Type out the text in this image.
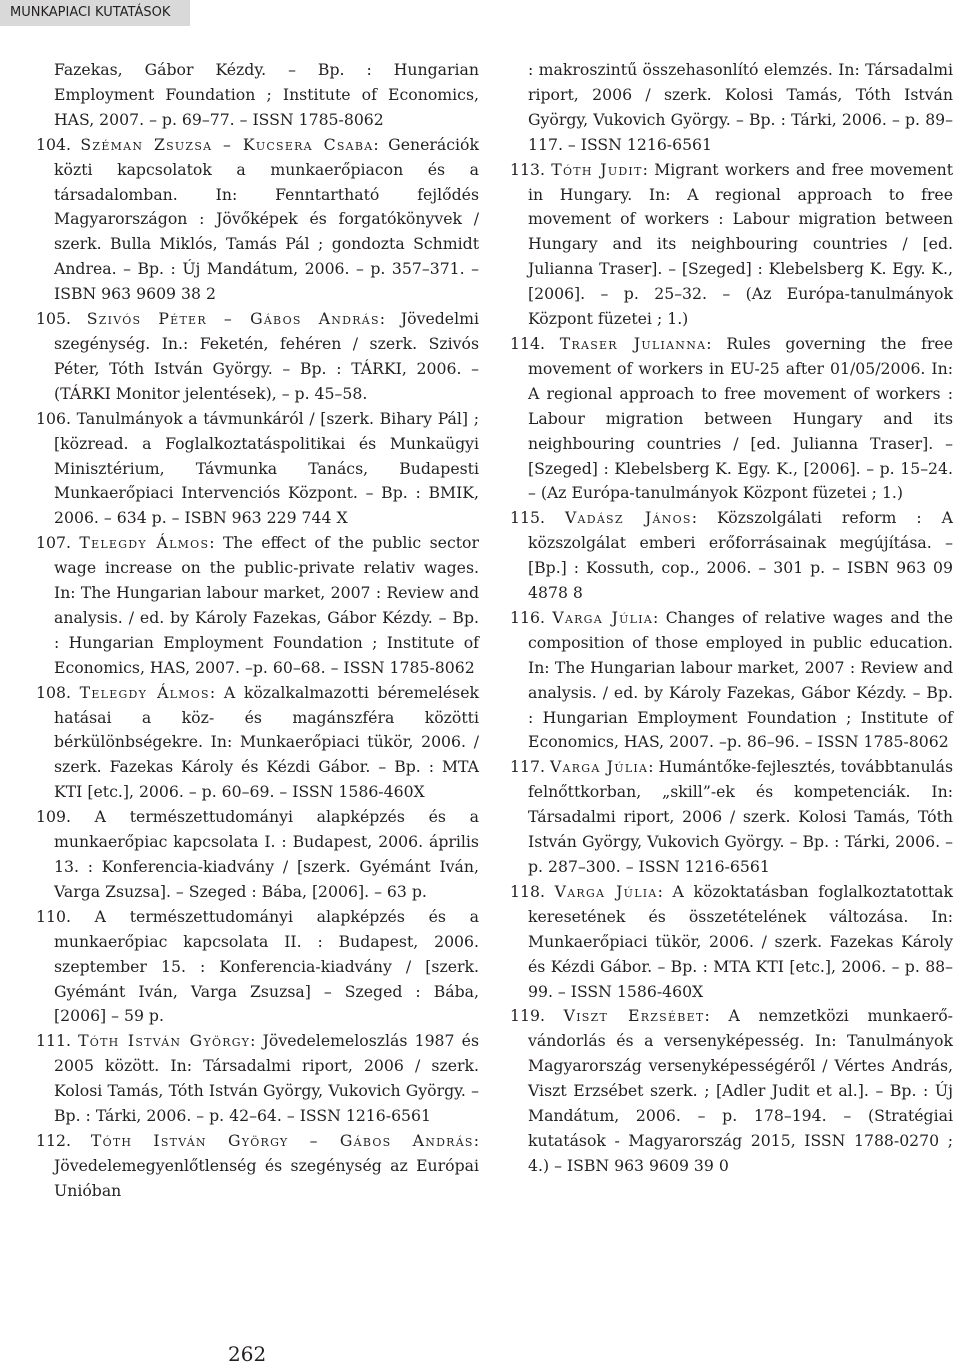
MUNKAPIACI KUTATÁSOK

Fazekas, Gábor Kézdy. – Bp. : Hungarian Employment Foundation ; Institute of Economics, HAS, 2007. – p. 69–77. – ISSN 1785-8062

104. Széman Zsuzsa – Kucsera Csaba: Generációk közti kapcsolatok a munkaerőpiacon és a társadalomban. In: Fenntartható fejlődés Magyarországon : Jövőképek és forgatókönyvek / szerk. Bulla Miklós, Tamás Pál ; gondozta Schmidt Andrea. – Bp. : Új Mandátum, 2006. – p. 357–371. – ISBN 963 9609 38 2

105. Szivós Péter – Gábos András: Jövedelmi szegénység. In.: Feketén, fehéren / szerk. Szivós Péter, Tóth István György. – Bp. : TÁRKI, 2006. – (TÁRKI Monitor jelentések), – p. 45–58.

106. Tanulmányok a távmunkáról / [szerk. Bihary Pál] ; [közread. a Foglalkoztatáspolitikai és Munkaügyi Minisztérium, Távmunka Tanács, Budapesti Munkaerőpiaci Intervenciós Központ. – Bp. : BMIK, 2006. – 634 p. – ISBN 963 229 744 X

107. Telegdy Álmos: The effect of the public sector wage increase on the public-private relativ wages. In: The Hungarian labour market, 2007 : Review and analysis. / ed. by Károly Fazekas, Gábor Kézdy. – Bp. : Hungarian Employment Foundation ; Institute of Economics, HAS, 2007. –p. 60–68. – ISSN 1785-8062

108. Telegdy Álmos: A közalkalmazotti béremelések hatásai a köz- és magánszféra közötti bérkülönbségekre. In: Munkaerőpiaci tükör, 2006. / szerk. Fazekas Károly és Kézdi Gábor. – Bp. : MTA KTI [etc.], 2006. – p. 60–69. – ISSN 1586-460X

109. A természettudományi alapképzés és a munkaerőpiac kapcsolata I. : Budapest, 2006. április 13. : Konferencia-kiadvány / [szerk. Gyémánt Iván, Varga Zsuzsa]. – Szeged : Bába, [2006]. – 63 p.

110. A természettudományi alapképzés és a munkaerőpiac kapcsolata II. : Budapest, 2006. szeptember 15. : Konferencia-kiadvány / [szerk. Gyémánt Iván, Varga Zsuzsa] – Szeged : Bába, [2006] – 59 p.

111. Tóth István György: Jövedelemeloszlás 1987 és 2005 között. In: Társadalmi riport, 2006 / szerk. Kolosi Tamás, Tóth István György, Vukovich György. – Bp. : Tárki, 2006. – p. 42–64. – ISSN 1216-6561

112. Tóth István György – Gábos András: Jövedelemegyenlőtlenség és szegénység az Európai Unióban

: makroszintű összehasonlító elemzés. In: Társadalmi riport, 2006 / szerk. Kolosi Tamás, Tóth István György, Vukovich György. – Bp. : Tárki, 2006. – p. 89–117. – ISSN 1216-6561

113. Tóth Judit: Migrant workers and free movement in Hungary. In: A regional approach to free movement of workers : Labour migration between Hungary and its neighbouring countries / [ed. Julianna Traser]. – [Szeged] : Klebelsberg K. Egy. K., [2006]. – p. 25–32. – (Az Európa-tanulmányok Központ füzetei ; 1.)

114. Traser Julianna: Rules governing the free movement of workers in EU-25 after 01/05/2006. In: A regional approach to free movement of workers : Labour migration between Hungary and its neighbouring countries / [ed. Julianna Traser]. – [Szeged] : Klebelsberg K. Egy. K., [2006]. – p. 15–24. – (Az Európa-tanulmányok Központ füzetei ; 1.)

115. Vadász János: Közszolgálati reform : A közszolgálat emberi erőforrásainak megújítása. – [Bp.] : Kossuth, cop., 2006. – 301 p. – ISBN 963 09 4878 8

116. Varga Júlia: Changes of relative wages and the composition of those employed in public education. In: The Hungarian labour market, 2007 : Review and analysis. / ed. by Károly Fazekas, Gábor Kézdy. – Bp. : Hungarian Employment Foundation ; Institute of Economics, HAS, 2007. –p. 86–96. – ISSN 1785-8062

117. Varga Júlia: Humántőke-fejlesztés, továbbtanulás felnőttkorban, „skill”-ek és kompetenciák. In: Társadalmi riport, 2006 / szerk. Kolosi Tamás, Tóth István György, Vukovich György. – Bp. : Tárki, 2006. – p. 287–300. – ISSN 1216-6561

118. Varga Júlia: A közoktatásban foglalkoztatottak keresetének és összetételének változása. In: Munkaerőpiaci tükör, 2006. / szerk. Fazekas Károly és Kézdi Gábor. – Bp. : MTA KTI [etc.], 2006. – p. 88–99. – ISSN 1586-460X

119. Viszt Erzsébet: A nemzetközi munkaerő-vándorlás és a versenyképesség. In: Tanulmányok Magyarország versenyképességéről / Vértes András, Viszt Erzsébet szerk. ; [Adler Judit et al.]. – Bp. : Új Mandátum, 2006. – p. 178–194. – (Stratégiai kutatások - Magyarország 2015, ISSN 1788-0270 ; 4.) – ISBN 963 9609 39 0

262
